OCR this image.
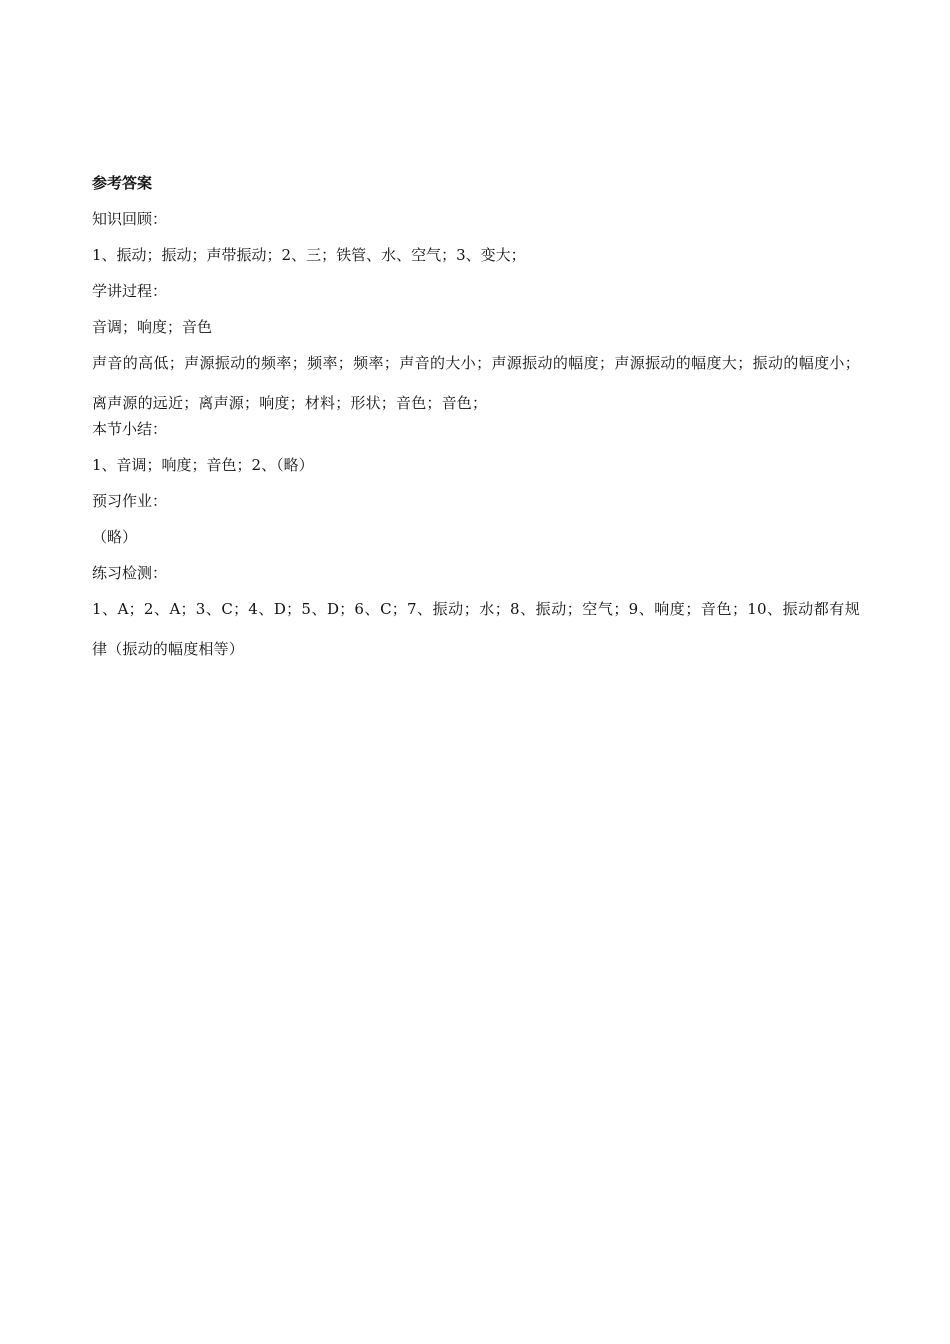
参考答案
知识回顾：
1、振动；振动；声带振动；2、三；铁管、水、空气；3、变大；
学讲过程：
音调；响度；音色
声音的高低；声源振动的频率；频率；频率；声音的大小；声源振动的幅度；声源振动的幅度大；振动的幅度小；离声源的远近；离声源；响度；材料；形状；音色；音色；
本节小结：
1、音调；响度；音色；2、（略）
预习作业：
（略）
练习检测：
1、A；2、A；3、C；4、D；5、D；6、C；7、振动；水；8、振动；空气；9、响度；音色；10、振动都有规律（振动的幅度相等）
